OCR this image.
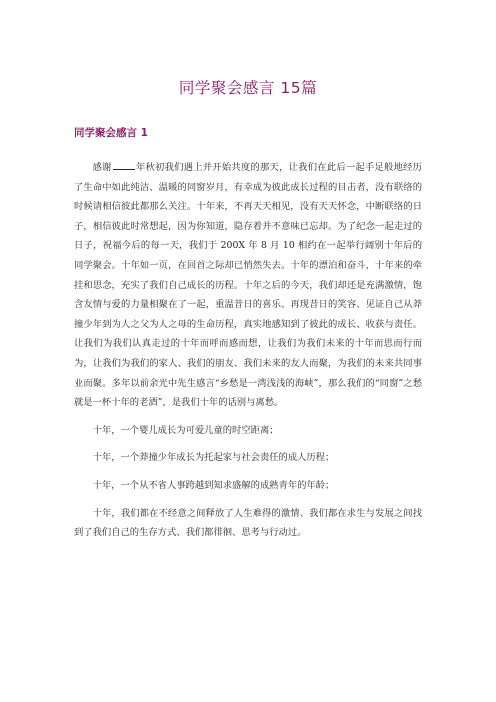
同学聚会感言 15篇
同学聚会感言 1

感谢	年秋初我们遇上并开始共度的那天，让我们在此后一起手足般地经历了生命中如此纯洁、温暖的同窗岁月，有幸成为彼此成长过程的目击者，没有联络的时候请相信彼此都那么关注。十年来，不再天天相见，没有天天怀念，中断联络的日子，相信彼此时常想起，因为你知道，隐存着并不意味已忘却。为了纪念一起走过的日子，祝福今后的每一天，我们于 200X 年 8 月 10 相约在一起举行阔别十年后的同学聚会。十年如一页，在回首之际却已悄然失去。十年的漂泊和奋斗，十年来的牵挂和思念，充实了我们自己成长的历程。十年之后的今天，我们却还是充满激情，饱含友情与爱的力量相聚在了一起，重温昔日的喜乐、再现昔日的笑容、见证自己从莽撞少年到为人之父为人之母的生命历程，真实地感知到了彼此的成长、收获与责任。让我们为我们认真走过的十年而呼而感而想，让我们为我们未来的十年而思而行而为，让我们为我们的家人、我们的朋友、我们未来的友人而聚，为我们的未来共同事业而聚。多年以前余光中先生感言“乡愁是一湾浅浅的海峡”，那么我们的“同窗”之愁就是一杯十年的老酒”，是我们十年的话别与离愁。

十年，一个婴儿成长为可爱儿童的时空距离；

十年，一个莽撞少年成长为托起家与社会责任的成人历程；

十年，一个从不省人事跨越到知求盛解的成熟青年的年龄；

十年，我们都在不经意之间释放了人生难得的激情、我们都在求生与发展之间找到了我们自己的生存方式、我们都徘徊、思考与行动过。
